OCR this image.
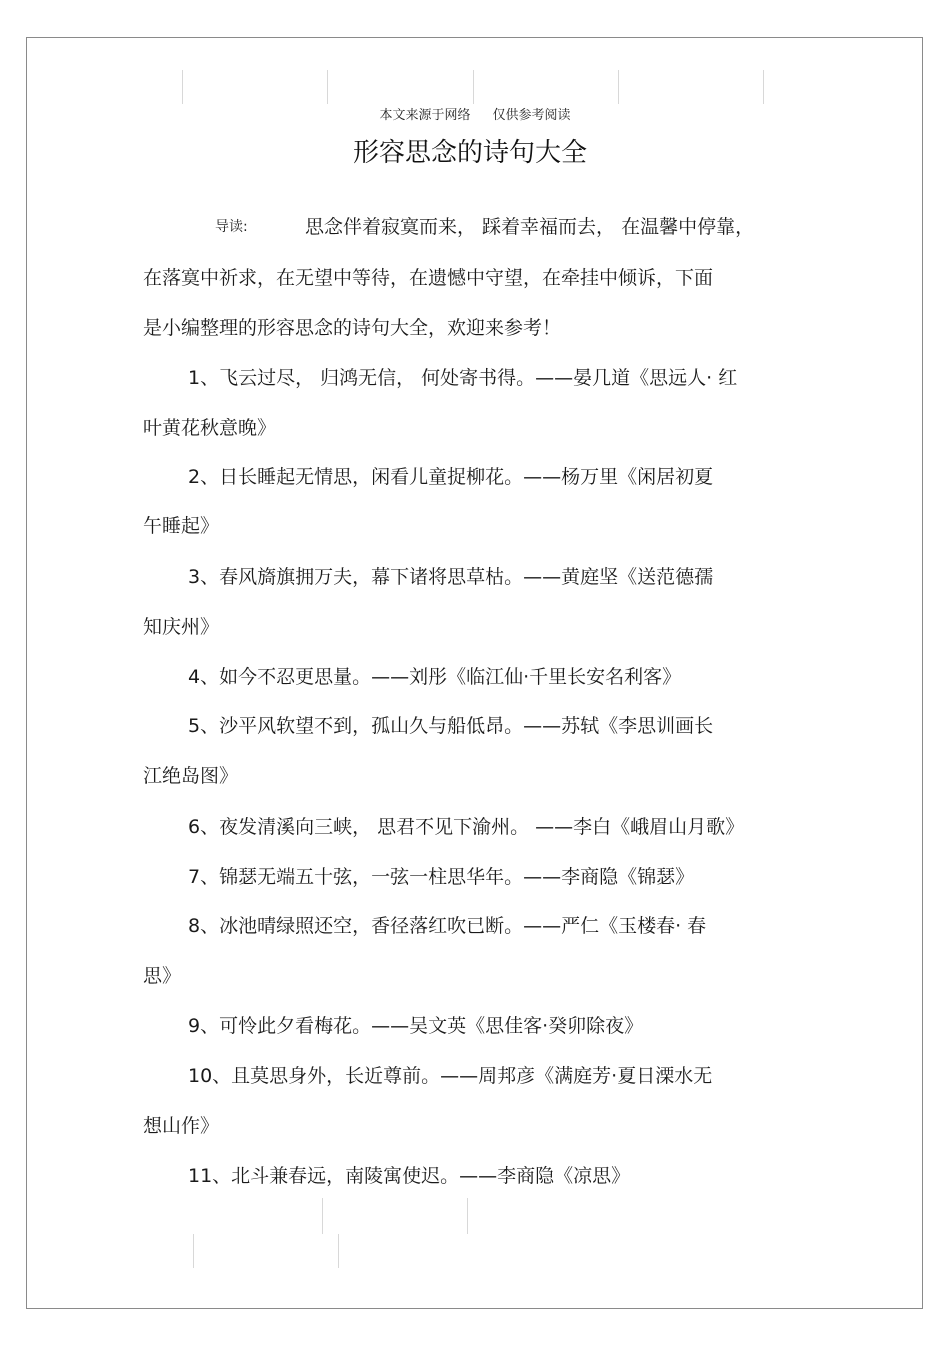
本文来源于网络 仅供参考阅读
形容思念的诗句大全
导读:	思念伴着寂寞而来， 踩着幸福而去， 在温馨中停靠，
在落寞中祈求，在无望中等待，在遗憾中守望，在牵挂中倾诉，下面
是小编整理的形容思念的诗句大全，欢迎来参考！
1、飞云过尽， 归鸿无信， 何处寄书得。——晏几道《思远人· 红
叶黄花秋意晚》
2、日长睡起无情思，闲看儿童捉柳花。——杨万里《闲居初夏
午睡起》
3、春风旖旗拥万夫，幕下诸将思草枯。——黄庭坚《送范德孺
知庆州》
4、如今不忍更思量。——刘彤《临江仙·千里长安名利客》
5、沙平风软望不到，孤山久与船低昂。——苏轼《李思训画长
江绝岛图》
6、夜发清溪向三峡， 思君不见下渝州。 ——李白《峨眉山月歌》
7、锦瑟无端五十弦，一弦一柱思华年。——李商隐《锦瑟》
8、冰池晴绿照还空，香径落红吹已断。——严仁《玉楼春· 春
思》
9、可怜此夕看梅花。——吴文英《思佳客·癸卯除夜》
10、且莫思身外，长近尊前。——周邦彦《满庭芳·夏日溧水无
想山作》
11、北斗兼春远，南陵寓使迟。——李商隐《凉思》
